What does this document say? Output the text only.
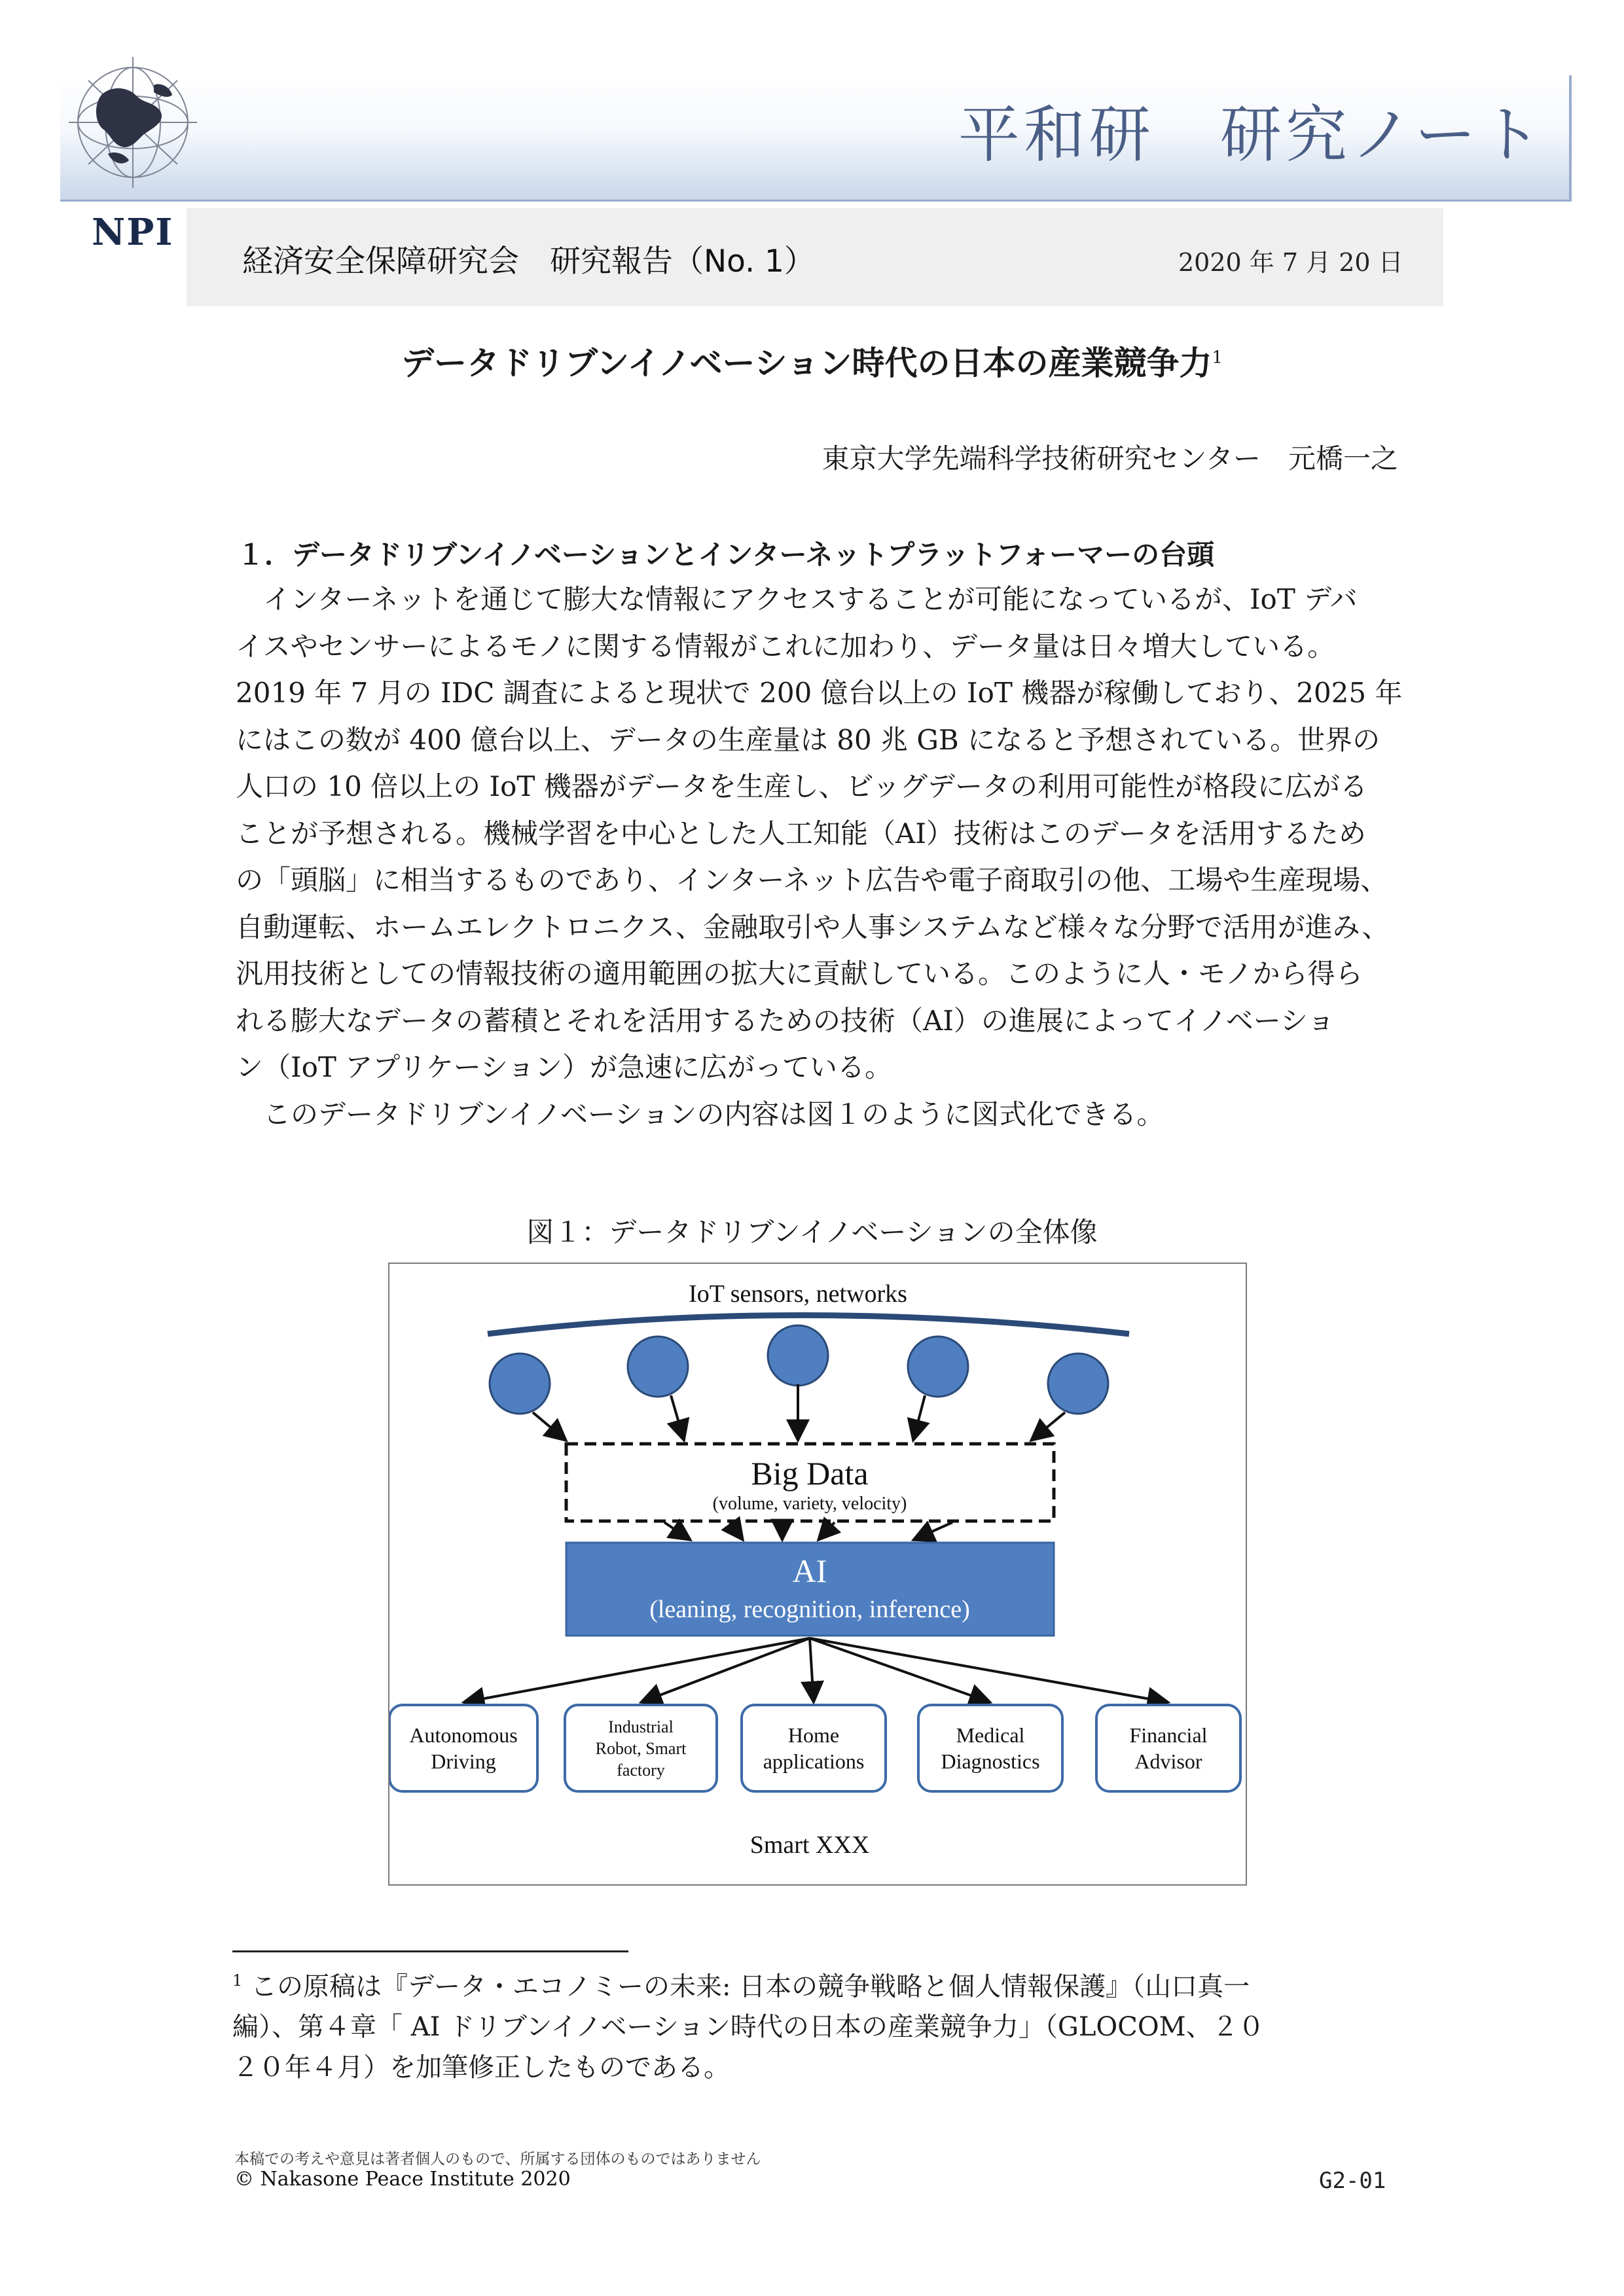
平和研　研究ノート
NPI
経済安全保障研究会　研究報告（No. 1）	2020 年 7 月 20 日
データドリブンイノベーション時代の日本の産業競争力$^1$
東京大学先端科学技術研究センター　元橋一之
１．データドリブンイノベーションとインターネットプラットフォーマーの台頭
　インターネットを通じて膨大な情報にアクセスすることが可能になっているが、IoT デバ
イスやセンサーによるモノに関する情報がこれに加わり、データ量は日々増大している。
2019 年 7 月の IDC 調査によると現状で 200 億台以上の IoT 機器が稼働しており、2025 年
にはこの数が 400 億台以上、データの生産量は 80 兆 GB になると予想されている。世界の
人口の 10 倍以上の IoT 機器がデータを生産し、ビッグデータの利用可能性が格段に広がる
ことが予想される。機械学習を中心とした人工知能（AI）技術はこのデータを活用するため
の「頭脳」に相当するものであり、インターネット広告や電子商取引の他、工場や生産現場、
自動運転、ホームエレクトロニクス、金融取引や人事システムなど様々な分野で活用が進み、
汎用技術としての情報技術の適用範囲の拡大に貢献している。このように人・モノから得ら
れる膨大なデータの蓄積とそれを活用するための技術（AI）の進展によってイノベーショ
ン（IoT アプリケーション）が急速に広がっている。
　このデータドリブンイノベーションの内容は図１のように図式化できる。
図１：データドリブンイノベーションの全体像
IoT sensors, networks
Big Data
(volume, variety, velocity)
AI
(leaning, recognition, inference)
Autonomous
Driving
Industrial
Robot, Smart
factory
Home
applications
Medical
Diagnostics
Financial
Advisor
Smart XXX
$^1$ この原稿は『データ・エコノミーの未来: 日本の競争戦略と個人情報保護』（山口真一
編）、第４章「 AI ドリブンイノベーション時代の日本の産業競争力」（GLOCOM、２０
２０年４月）を加筆修正したものである。
本稿での考えや意見は著者個人のもので、所属する団体のものではありません
© Nakasone Peace Institute 2020	G2-01
